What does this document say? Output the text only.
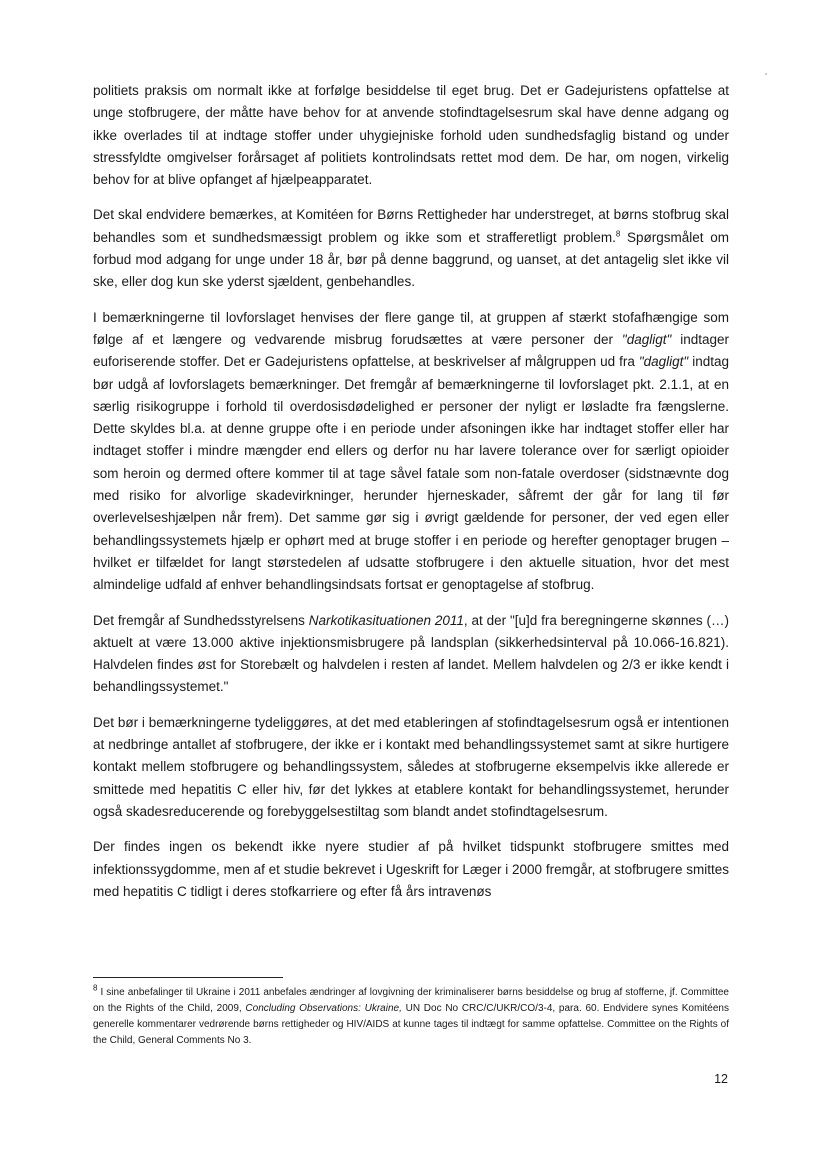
politiets praksis om normalt ikke at forfølge besiddelse til eget brug. Det er Gadejuristens opfattelse at unge stofbrugere, der måtte have behov for at anvende stofindtagelsesrum skal have denne adgang og ikke overlades til at indtage stoffer under uhygiejniske forhold uden sundhedsfaglig bistand og under stressfyldte omgivelser forårsaget af politiets kontrolindsats rettet mod dem. De har, om nogen, virkelig behov for at blive opfanget af hjælpeapparatet.

Det skal endvidere bemærkes, at Komitéen for Børns Rettigheder har understreget, at børns stofbrug skal behandles som et sundhedsmæssigt problem og ikke som et strafferetligt problem.$^8$ Spørgsmålet om forbud mod adgang for unge under 18 år, bør på denne baggrund, og uanset, at det antagelig slet ikke vil ske, eller dog kun ske yderst sjældent, genbehandles.

I bemærkningerne til lovforslaget henvises der flere gange til, at gruppen af stærkt stofafhængige som følge af et længere og vedvarende misbrug forudsættes at være personer der "dagligt" indtager euforiserende stoffer. Det er Gadejuristens opfattelse, at beskrivelser af målgruppen ud fra "dagligt" indtag bør udgå af lovforslagets bemærkninger. Det fremgår af bemærkningerne til lovforslaget pkt. 2.1.1, at en særlig risikogruppe i forhold til overdosisdødelighed er personer der nyligt er løsladte fra fængslerne. Dette skyldes bl.a. at denne gruppe ofte i en periode under afsoningen ikke har indtaget stoffer eller har indtaget stoffer i mindre mængder end ellers og derfor nu har lavere tolerance over for særligt opioider som heroin og dermed oftere kommer til at tage såvel fatale som non-fatale overdoser (sidstnævnte dog med risiko for alvorlige skadevirkninger, herunder hjerneskader, såfremt der går for lang til før overlevelseshjælpen når frem). Det samme gør sig i øvrigt gældende for personer, der ved egen eller behandlingssystemets hjælp er ophørt med at bruge stoffer i en periode og herefter genoptager brugen – hvilket er tilfældet for langt størstedelen af udsatte stofbrugere i den aktuelle situation, hvor det mest almindelige udfald af enhver behandlingsindsats fortsat er genoptagelse af stofbrug.

Det fremgår af Sundhedsstyrelsens Narkotikasituationen 2011, at der "[u]d fra beregningerne skønnes (…) aktuelt at være 13.000 aktive injektionsmisbrugere på landsplan (sikkerhedsinterval på 10.066-16.821). Halvdelen findes øst for Storebælt og halvdelen i resten af landet. Mellem halvdelen og 2/3 er ikke kendt i behandlingssystemet."

Det bør i bemærkningerne tydeliggøres, at det med etableringen af stofindtagelsesrum også er intentionen at nedbringe antallet af stofbrugere, der ikke er i kontakt med behandlingssystemet samt at sikre hurtigere kontakt mellem stofbrugere og behandlingssystem, således at stofbrugerne eksempelvis ikke allerede er smittede med hepatitis C eller hiv, før det lykkes at etablere kontakt for behandlingssystemet, herunder også skadesreducerende og forebyggelsestiltag som blandt andet stofindtagelsesrum.

Der findes ingen os bekendt ikke nyere studier af på hvilket tidspunkt stofbrugere smittes med infektionssygdomme, men af et studie bekrevet i Ugeskrift for Læger i 2000 fremgår, at stofbrugere smittes med hepatitis C tidligt i deres stofkarriere og efter få års intravenøs

$^8$ I sine anbefalinger til Ukraine i 2011 anbefales ændringer af lovgivning der kriminaliserer børns besiddelse og brug af stofferne, jf. Committee on the Rights of the Child, 2009, Concluding Observations: Ukraine, UN Doc No CRC/C/UKR/CO/3-4, para. 60. Endvidere synes Komitéens generelle kommentarer vedrørende børns rettigheder og HIV/AIDS at kunne tages til indtægt for samme opfattelse. Committee on the Rights of the Child, General Comments No 3.

12
